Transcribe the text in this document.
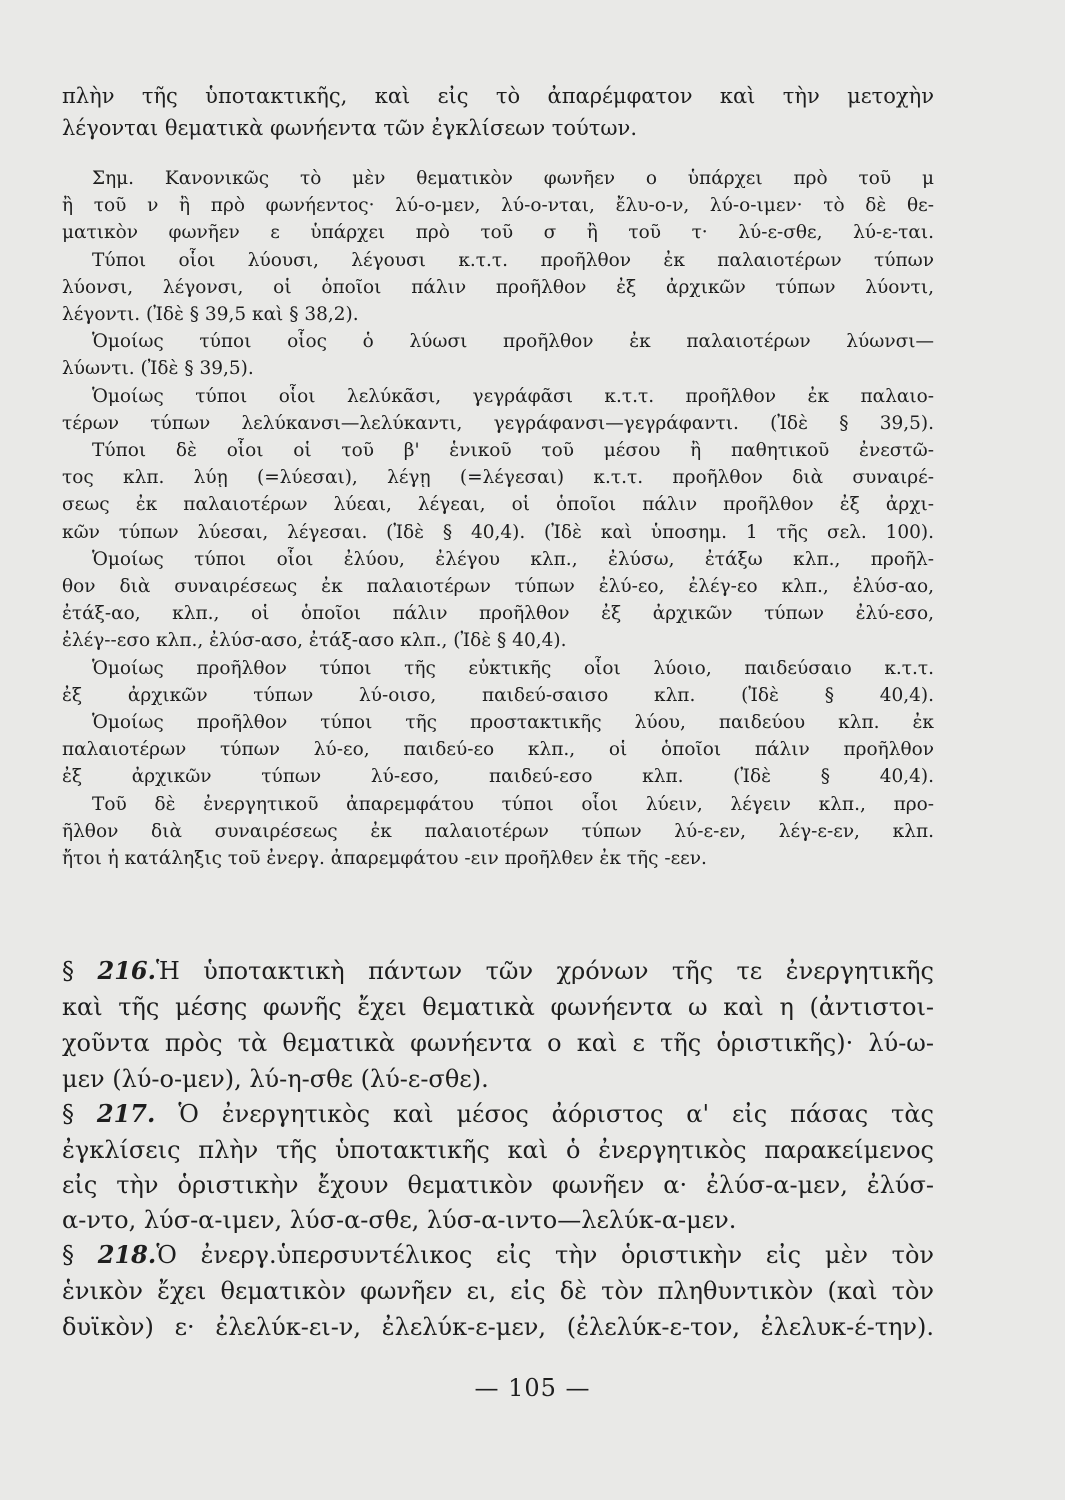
πλὴν τῆς ὑποτακτικῆς, καὶ εἰς τὸ ἀπαρέμφατον καὶ τὴν μετοχὴν
λέγονται θεματικὰ φωνήεντα τῶν ἐγκλίσεων τούτων.
Σημ. Κανονικῶς τὸ μὲν θεματικὸν φωνῆεν ο ὑπάρχει πρὸ τοῦ μ
ἢ τοῦ ν ἢ πρὸ φωνήεντος· λύ-ο-μεν, λύ-ο-νται, ἔλυ-ο-ν, λύ-ο-ιμεν· τὸ δὲ θε-
ματικὸν φωνῆεν ε ὑπάρχει πρὸ τοῦ σ ἢ τοῦ τ· λύ-ε-σθε, λύ-ε-ται.
Τύποι οἷοι λύουσι, λέγουσι κ.τ.τ. προῆλθον ἐκ παλαιοτέρων τύπων
λύονσι, λέγονσι, οἱ ὁποῖοι πάλιν προῆλθον ἐξ ἀρχικῶν τύπων λύοντι,
λέγοντι. (Ἰδὲ § 39,5 καὶ § 38,2).
Ὁμοίως τύποι οἷος ὁ λύωσι προῆλθον ἐκ παλαιοτέρων λύωνσι—
λύωντι. (Ἰδὲ § 39,5).
Ὁμοίως τύποι οἷοι λελύκᾶσι, γεγράφᾶσι κ.τ.τ. προῆλθον ἐκ παλαιο-
τέρων τύπων λελύκανσι—λελύκαντι, γεγράφανσι—γεγράφαντι. (Ἰδὲ § 39,5).
Τύποι δὲ οἷοι οἱ τοῦ β' ἑνικοῦ τοῦ μέσου ἢ παθητικοῦ ἐνεστῶ-
τος κλπ. λύῃ (=λύεσαι), λέγῃ (=λέγεσαι) κ.τ.τ. προῆλθον διὰ συναιρέ-
σεως ἐκ παλαιοτέρων λύεαι, λέγεαι, οἱ ὁποῖοι πάλιν προῆλθον ἐξ ἀρχι-
κῶν τύπων λύεσαι, λέγεσαι. (Ἰδὲ § 40,4). (Ἰδὲ καὶ ὑποσημ. 1 τῆς σελ. 100).
Ὁμοίως τύποι οἷοι ἐλύου, ἐλέγου κλπ., ἐλύσω, ἐτάξω κλπ., προῆλ-
θον διὰ συναιρέσεως ἐκ παλαιοτέρων τύπων ἐλύ-εο, ἐλέγ-εο κλπ., ἐλύσ-αο,
ἐτάξ-αο, κλπ., οἱ ὁποῖοι πάλιν προῆλθον ἐξ ἀρχικῶν τύπων ἐλύ-εσο,
ἐλέγ--εσο κλπ., ἐλύσ-ασο, ἐτάξ-ασο κλπ., (Ἰδὲ § 40,4).
Ὁμοίως προῆλθον τύποι τῆς εὐκτικῆς οἷοι λύοιο, παιδεύσαιο κ.τ.τ.
ἐξ ἀρχικῶν τύπων λύ-οισο, παιδεύ-σαισο κλπ. (Ἰδὲ § 40,4).
Ὁμοίως προῆλθον τύποι τῆς προστακτικῆς λύου, παιδεύου κλπ. ἐκ
παλαιοτέρων τύπων λύ-εο, παιδεύ-εο κλπ., οἱ ὁποῖοι πάλιν προῆλθον
ἐξ ἀρχικῶν τύπων λύ-εσο, παιδεύ-εσο κλπ. (Ἰδὲ § 40,4).
Τοῦ δὲ ἐνεργητικοῦ ἀπαρεμφάτου τύποι οἷοι λύειν, λέγειν κλπ., προ-
ῆλθον διὰ συναιρέσεως ἐκ παλαιοτέρων τύπων λύ-ε-εν, λέγ-ε-εν, κλπ.
ἤτοι ἡ κατάληξις τοῦ ἐνεργ. ἀπαρεμφάτου -ειν προῆλθεν ἐκ τῆς -εεν.
§ 216.Ἡ ὑποτακτικὴ πάντων τῶν χρόνων τῆς τε ἐνεργητικῆς
καὶ τῆς μέσης φωνῆς ἔχει θεματικὰ φωνήεντα ω καὶ η (ἀντιστοι-
χοῦντα πρὸς τὰ θεματικὰ φωνήεντα ο καὶ ε τῆς ὁριστικῆς)· λύ-ω-
μεν (λύ-ο-μεν), λύ-η-σθε (λύ-ε-σθε).
§ 217. Ὁ ἐνεργητικὸς καὶ μέσος ἀόριστος α' εἰς πάσας τὰς
ἐγκλίσεις πλὴν τῆς ὑποτακτικῆς καὶ ὁ ἐνεργητικὸς παρακείμενος
εἰς τὴν ὁριστικὴν ἔχουν θεματικὸν φωνῆεν α· ἐλύσ-α-μεν, ἐλύσ-
α-ντο, λύσ-α-ιμεν, λύσ-α-σθε, λύσ-α-ιντο—λελύκ-α-μεν.
§ 218.Ὁ ἐνεργ.ὑπερσυντέλικος εἰς τὴν ὁριστικὴν εἰς μὲν τὸν
ἑνικὸν ἔχει θεματικὸν φωνῆεν ει, εἰς δὲ τὸν πληθυντικὸν (καὶ τὸν
δυϊκὸν) ε· ἐλελύκ-ει-ν, ἐλελύκ-ε-μεν, (ἐλελύκ-ε-τον, ἐλελυκ-έ-την).
— 105 —
